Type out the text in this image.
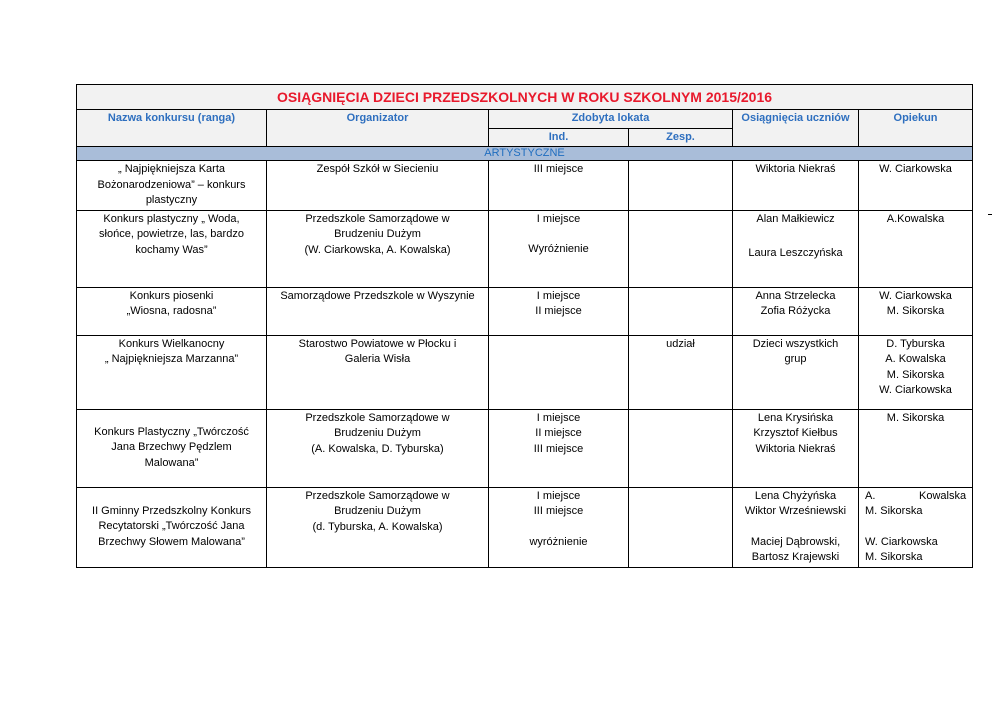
OSIĄGNIĘCIA DZIECI PRZEDSZKOLNYCH W ROKU SZKOLNYM 2015/2016					
Nazwa konkursu (ranga)	Organizator	Zdobyta lokata		Osiągnięcia uczniów	Opiekun
		Ind.	Zesp.		
ARTYSTYCZNE					

„ Najpiękniejsza Karta
Bożonarodzeniowa” – konkurs
plastyczny	Zespół Szkół w Siecieniu	III miejsce		Wiktoria Niekraś	W. Ciarkowska

Konkurs plastyczny „ Woda,
słońce, powietrze, las, bardzo
kochamy Was”	Przedszkole Samorządowe w
Brudzeniu Dużym
(W. Ciarkowska, A. Kowalska)	I miejsce
Wyróżnienie		Alan Małkiewicz
Laura Leszczyńska	A.Kowalska

Konkurs piosenki
„Wiosna, radosna”	Samorządowe Przedszkole w Wyszynie	I miejsce
II miejsce		Anna Strzelecka
Zofia Różycka	W. Ciarkowska
M. Sikorska

Konkurs Wielkanocny
„ Najpiękniejsza Marzanna”	Starostwo Powiatowe w Płocku i
Galeria Wisła		udział	Dzieci wszystkich
grup	D. Tyburska
A. Kowalska
M. Sikorska
W. Ciarkowska

Konkurs Plastyczny „Twórczość
Jana Brzechwy Pędzlem
Malowana”	Przedszkole Samorządowe w
Brudzeniu Dużym
(A. Kowalska, D. Tyburska)	I miejsce
II miejsce
III miejsce		Lena Krysińska
Krzysztof Kiełbus
Wiktoria Niekraś	M. Sikorska

II Gminny Przedszkolny Konkurs
Recytatorski „Twórczość Jana
Brzechwy Słowem Malowana”	Przedszkole Samorządowe w
Brudzeniu Dużym
(d. Tyburska, A. Kowalska)	I miejsce
III miejsce
wyróżnienie		Lena Chyżyńska
Wiktor Wrześniewski
Maciej Dąbrowski,
Bartosz Krajewski	A.   Kowalska
M. Sikorska
W. Ciarkowska
M. Sikorska
